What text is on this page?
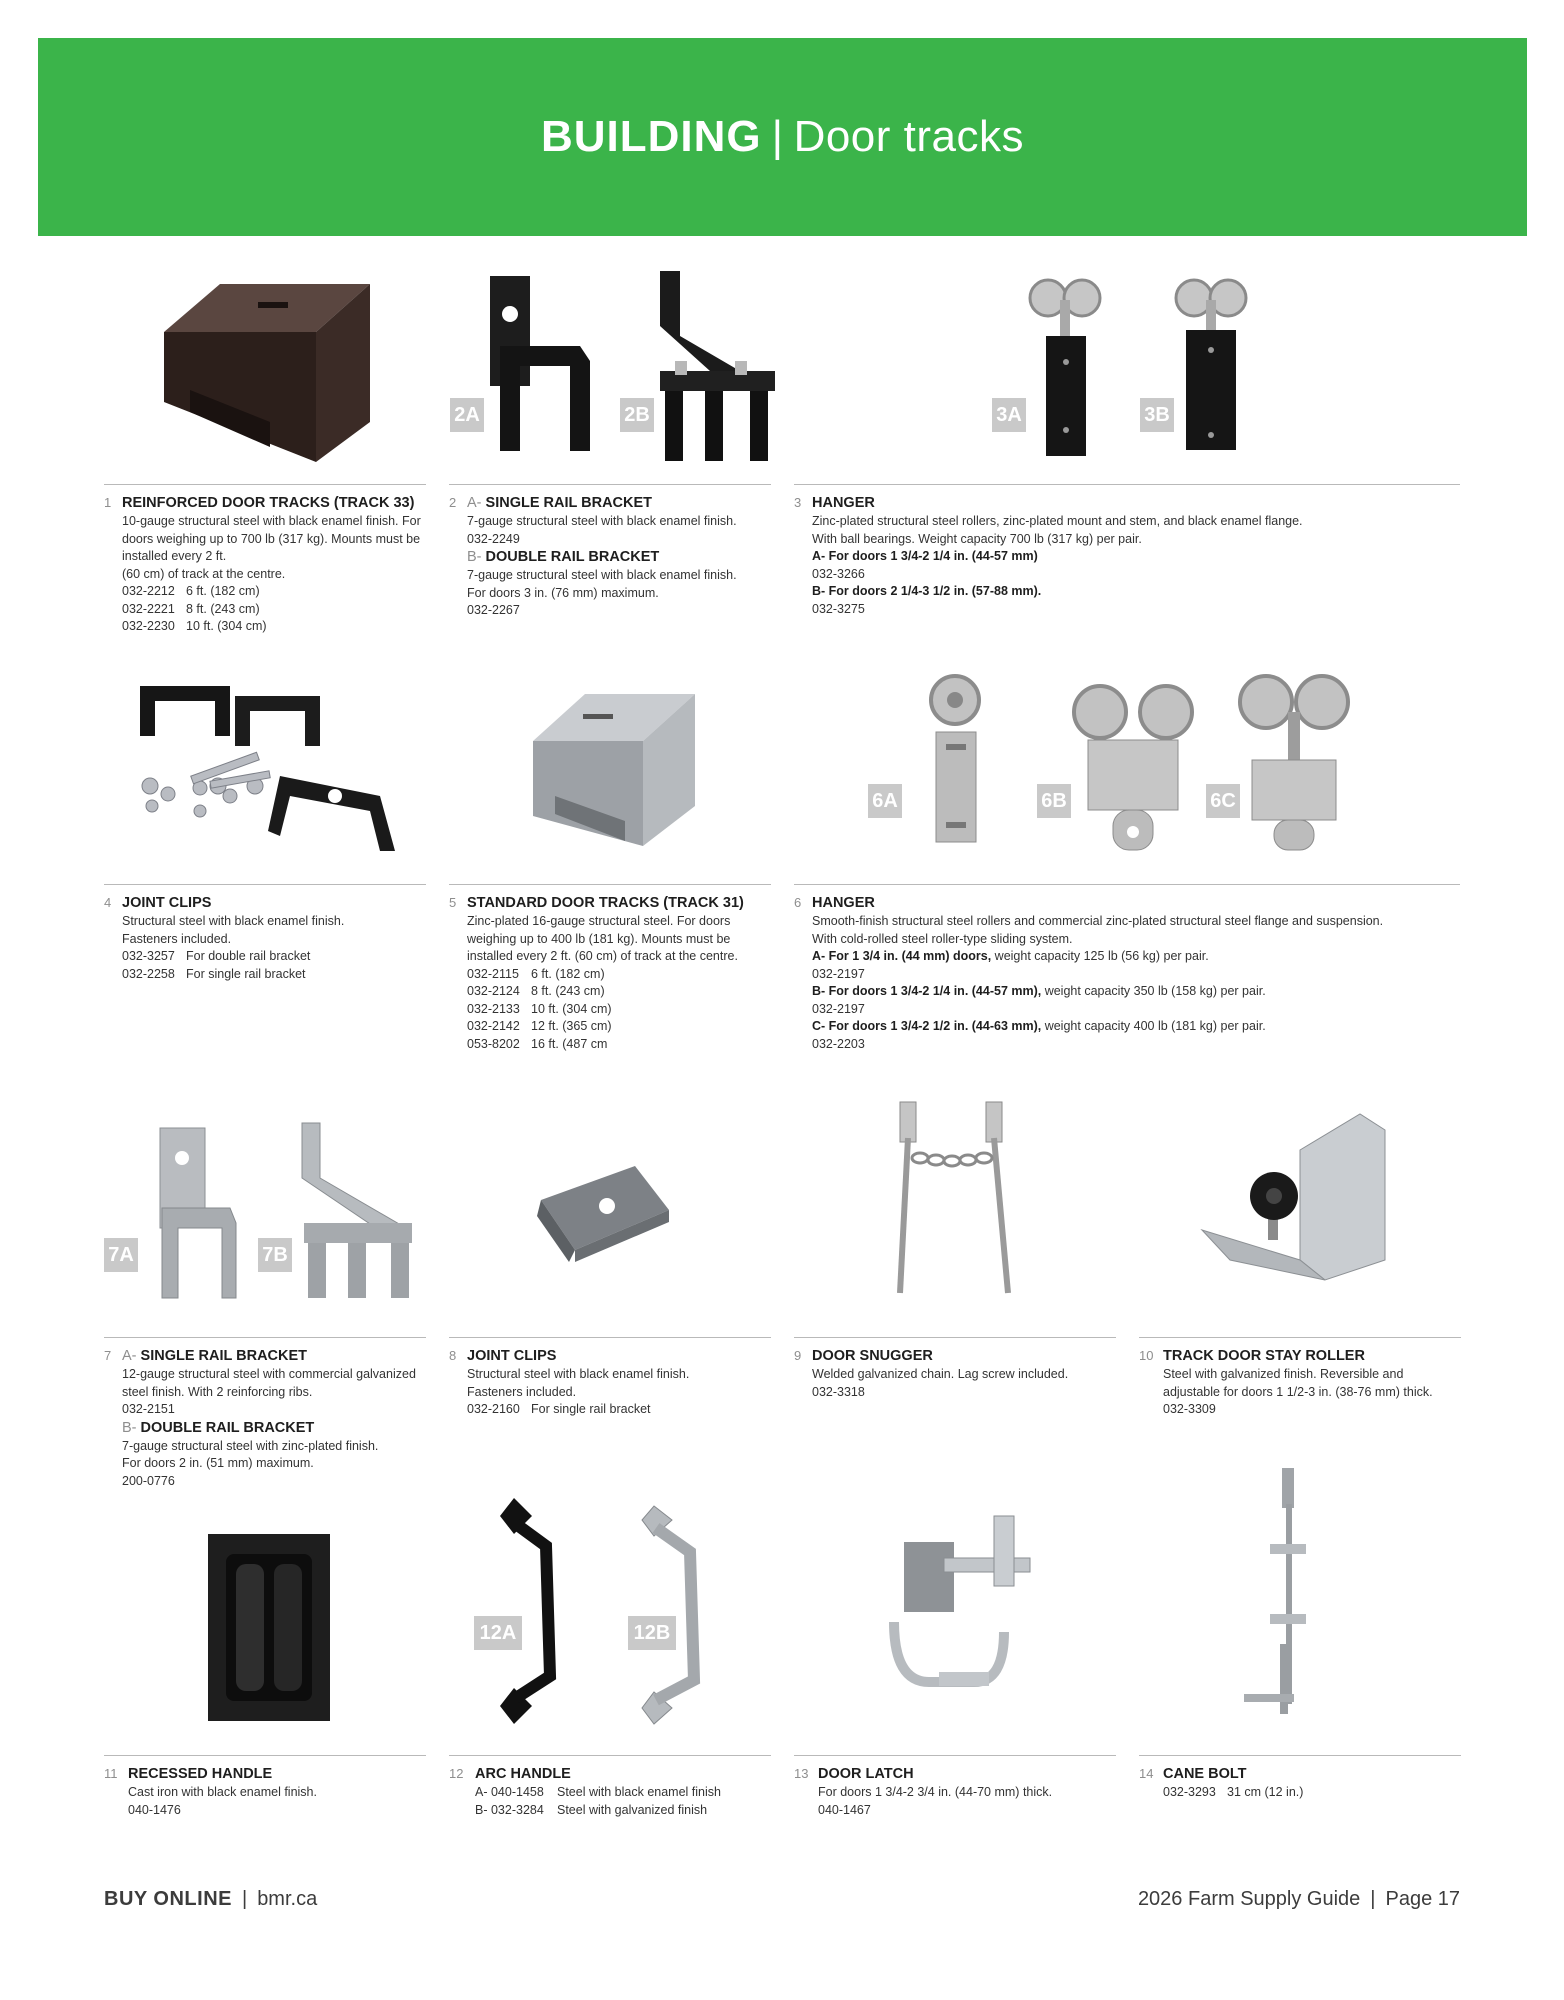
BUILDING | Door tracks
2A	2B	3A	3B
1 REINFORCED DOOR TRACKS (TRACK 33)
10-gauge structural steel with black enamel finish. For
doors weighing up to 700 lb (317 kg). Mounts must be
installed every 2 ft.
(60 cm) of track at the centre.
032-2212 6 ft. (182 cm)
032-2221 8 ft. (243 cm)
032-2230 10 ft. (304 cm)
2 A- SINGLE RAIL BRACKET
7-gauge structural steel with black enamel finish.
032-2249
B- DOUBLE RAIL BRACKET
7-gauge structural steel with black enamel finish.
For doors 3 in. (76 mm) maximum.
032-2267
3 HANGER
Zinc-plated structural steel rollers, zinc-plated mount and stem, and black enamel flange.
With ball bearings. Weight capacity 700 lb (317 kg) per pair.
A- For doors 1 3/4-2 1/4 in. (44-57 mm)
032-3266
B- For doors 2 1/4-3 1/2 in. (57-88 mm).
032-3275
6A	6B	6C
4 JOINT CLIPS
Structural steel with black enamel finish.
Fasteners included.
032-3257 For double rail bracket
032-2258 For single rail bracket
5 STANDARD DOOR TRACKS (TRACK 31)
Zinc-plated 16-gauge structural steel. For doors
weighing up to 400 lb (181 kg). Mounts must be
installed every 2 ft. (60 cm) of track at the centre.
032-2115 6 ft. (182 cm)
032-2124 8 ft. (243 cm)
032-2133 10 ft. (304 cm)
032-2142 12 ft. (365 cm)
053-8202 16 ft. (487 cm
6 HANGER
Smooth-finish structural steel rollers and commercial zinc-plated structural steel flange and suspension.
With cold-rolled steel roller-type sliding system.
A- For 1 3/4 in. (44 mm) doors, weight capacity 125 lb (56 kg) per pair.
032-2197
B- For doors 1 3/4-2 1/4 in. (44-57 mm), weight capacity 350 lb (158 kg) per pair.
032-2197
C- For doors 1 3/4-2 1/2 in. (44-63 mm), weight capacity 400 lb (181 kg) per pair.
032-2203
7A	7B
7 A- SINGLE RAIL BRACKET
12-gauge structural steel with commercial galvanized
steel finish. With 2 reinforcing ribs.
032-2151
B- DOUBLE RAIL BRACKET
7-gauge structural steel with zinc-plated finish.
For doors 2 in. (51 mm) maximum.
200-0776
8 JOINT CLIPS
Structural steel with black enamel finish.
Fasteners included.
032-2160 For single rail bracket
9 DOOR SNUGGER
Welded galvanized chain. Lag screw included.
032-3318
10 TRACK DOOR STAY ROLLER
Steel with galvanized finish. Reversible and
adjustable for doors 1 1/2-3 in. (38-76 mm) thick.
032-3309
12A	12B
11 RECESSED HANDLE
Cast iron with black enamel finish.
040-1476
12 ARC HANDLE
A- 040-1458 Steel with black enamel finish
B- 032-3284 Steel with galvanized finish
13 DOOR LATCH
For doors 1 3/4-2 3/4 in. (44-70 mm) thick.
040-1467
14 CANE BOLT
032-3293 31 cm (12 in.)
BUY ONLINE | bmr.ca	2026 Farm Supply Guide | Page 17
